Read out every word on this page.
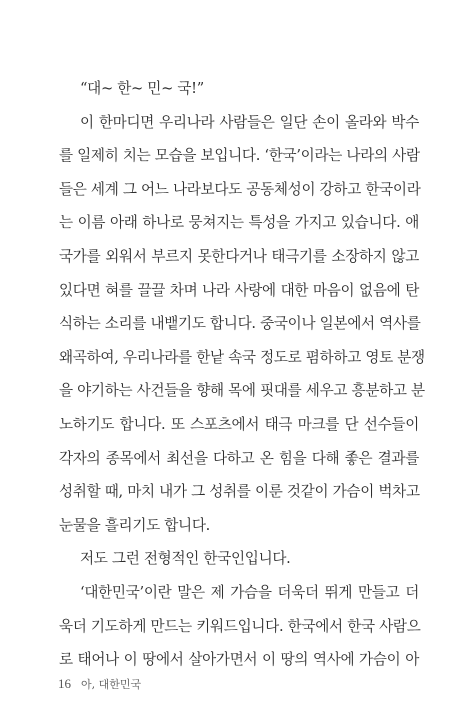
“대~ 한~ 민~ 국!”
이 한마디면 우리나라 사람들은 일단 손이 올라와 박수
를 일제히 치는 모습을 보입니다. ‘한국’이라는 나라의 사람
들은 세계 그 어느 나라보다도 공동체성이 강하고 한국이라
는 이름 아래 하나로 뭉쳐지는 특성을 가지고 있습니다. 애
국가를 외워서 부르지 못한다거나 태극기를 소장하지 않고
있다면 혀를 끌끌 차며 나라 사랑에 대한 마음이 없음에 탄
식하는 소리를 내뱉기도 합니다. 중국이나 일본에서 역사를
왜곡하여, 우리나라를 한낱 속국 정도로 폄하하고 영토 분쟁
을 야기하는 사건들을 향해 목에 핏대를 세우고 흥분하고 분
노하기도 합니다. 또 스포츠에서 태극 마크를 단 선수들이
각자의 종목에서 최선을 다하고 온 힘을 다해 좋은 결과를
성취할 때, 마치 내가 그 성취를 이룬 것같이 가슴이 벅차고
눈물을 흘리기도 합니다.
저도 그런 전형적인 한국인입니다.
‘대한민국’이란 말은 제 가슴을 더욱더 뛰게 만들고 더
욱더 기도하게 만드는 키워드입니다. 한국에서 한국 사람으
로 태어나 이 땅에서 살아가면서 이 땅의 역사에 가슴이 아
16 아, 대한민국
